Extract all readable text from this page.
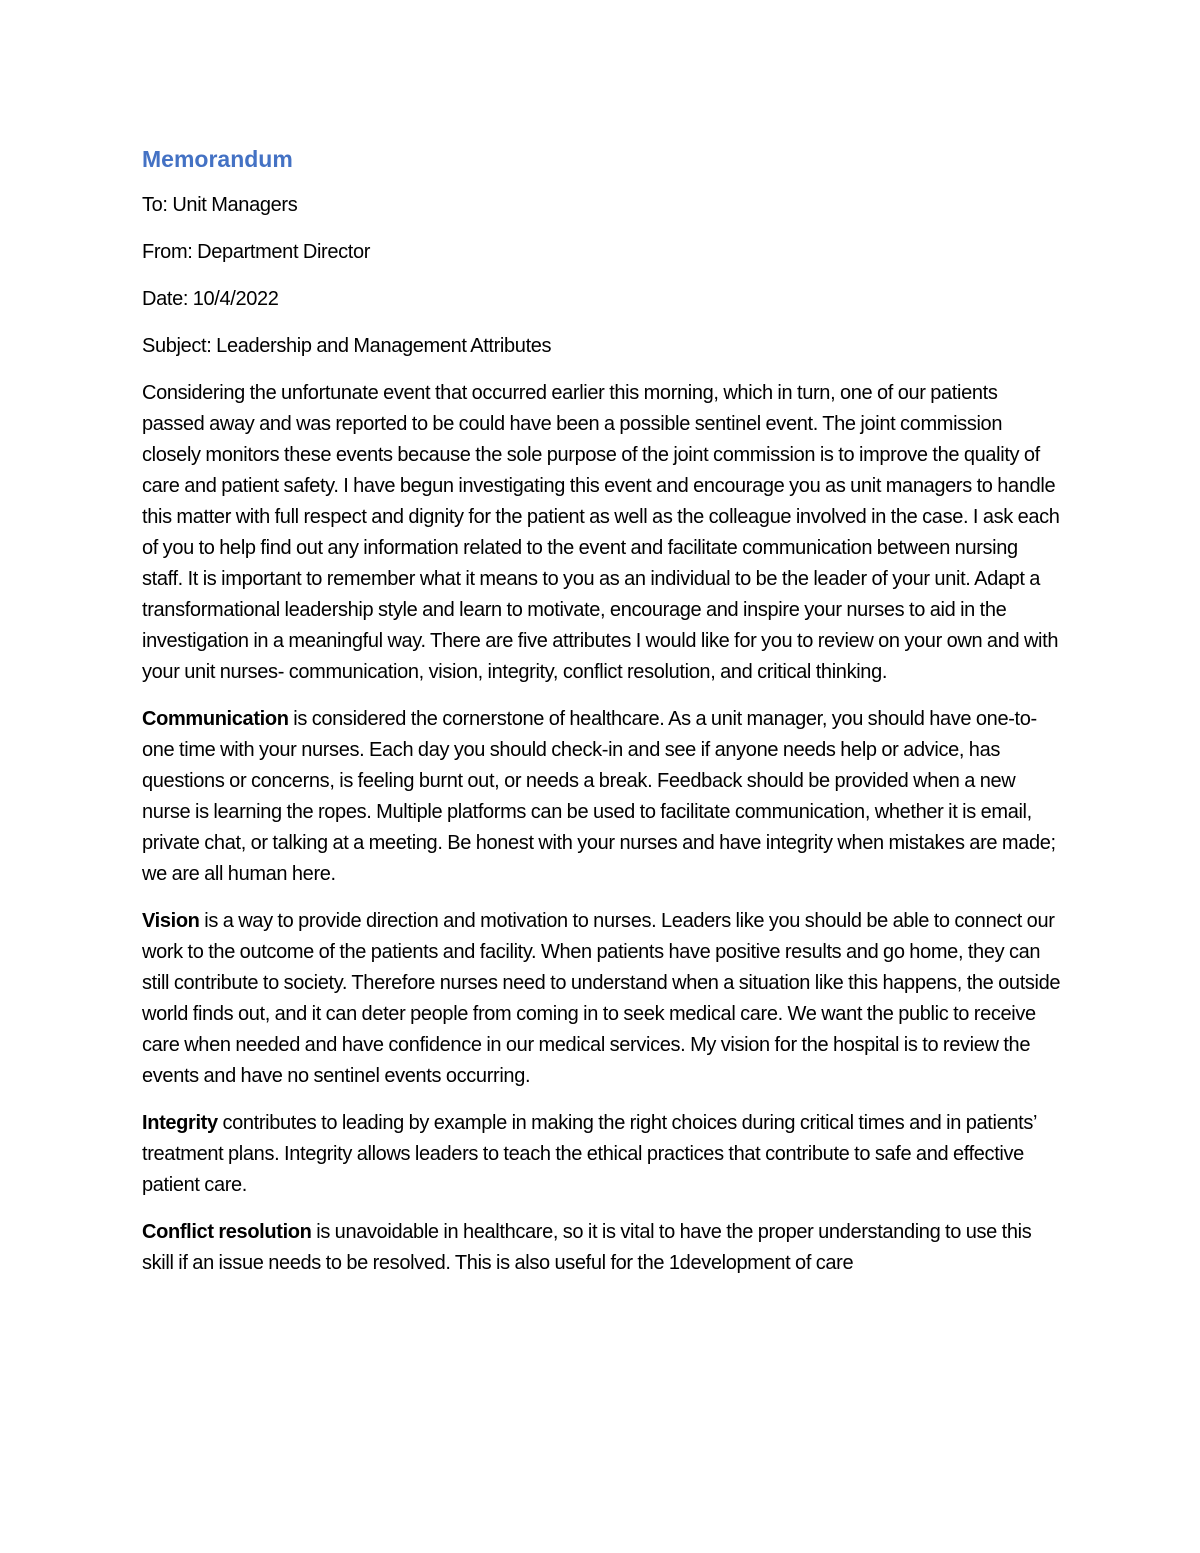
Memorandum
To: Unit Managers
From: Department Director
Date: 10/4/2022
Subject: Leadership and Management Attributes

Considering the unfortunate event that occurred earlier this morning, which in turn, one of our patients passed away and was reported to be could have been a possible sentinel event. The joint commission closely monitors these events because the sole purpose of the joint commission is to improve the quality of care and patient safety. I have begun investigating this event and encourage you as unit managers to handle this matter with full respect and dignity for the patient as well as the colleague involved in the case. I ask each of you to help find out any information related to the event and facilitate communication between nursing staff. It is important to remember what it means to you as an individual to be the leader of your unit. Adapt a transformational leadership style and learn to motivate, encourage and inspire your nurses to aid in the investigation in a meaningful way. There are five attributes I would like for you to review on your own and with your unit nurses- communication, vision, integrity, conflict resolution, and critical thinking.

Communication is considered the cornerstone of healthcare. As a unit manager, you should have one-to-one time with your nurses. Each day you should check-in and see if anyone needs help or advice, has questions or concerns, is feeling burnt out, or needs a break. Feedback should be provided when a new nurse is learning the ropes. Multiple platforms can be used to facilitate communication, whether it is email, private chat, or talking at a meeting. Be honest with your nurses and have integrity when mistakes are made; we are all human here.

Vision is a way to provide direction and motivation to nurses. Leaders like you should be able to connect our work to the outcome of the patients and facility. When patients have positive results and go home, they can still contribute to society. Therefore nurses need to understand when a situation like this happens, the outside world finds out, and it can deter people from coming in to seek medical care. We want the public to receive care when needed and have confidence in our medical services. My vision for the hospital is to review the events and have no sentinel events occurring.

Integrity contributes to leading by example in making the right choices during critical times and in patients’ treatment plans. Integrity allows leaders to teach the ethical practices that contribute to safe and effective patient care.

Conflict resolution is unavoidable in healthcare, so it is vital to have the proper understanding to use this skill if an issue needs to be resolved. This is also useful for the 1development of care
